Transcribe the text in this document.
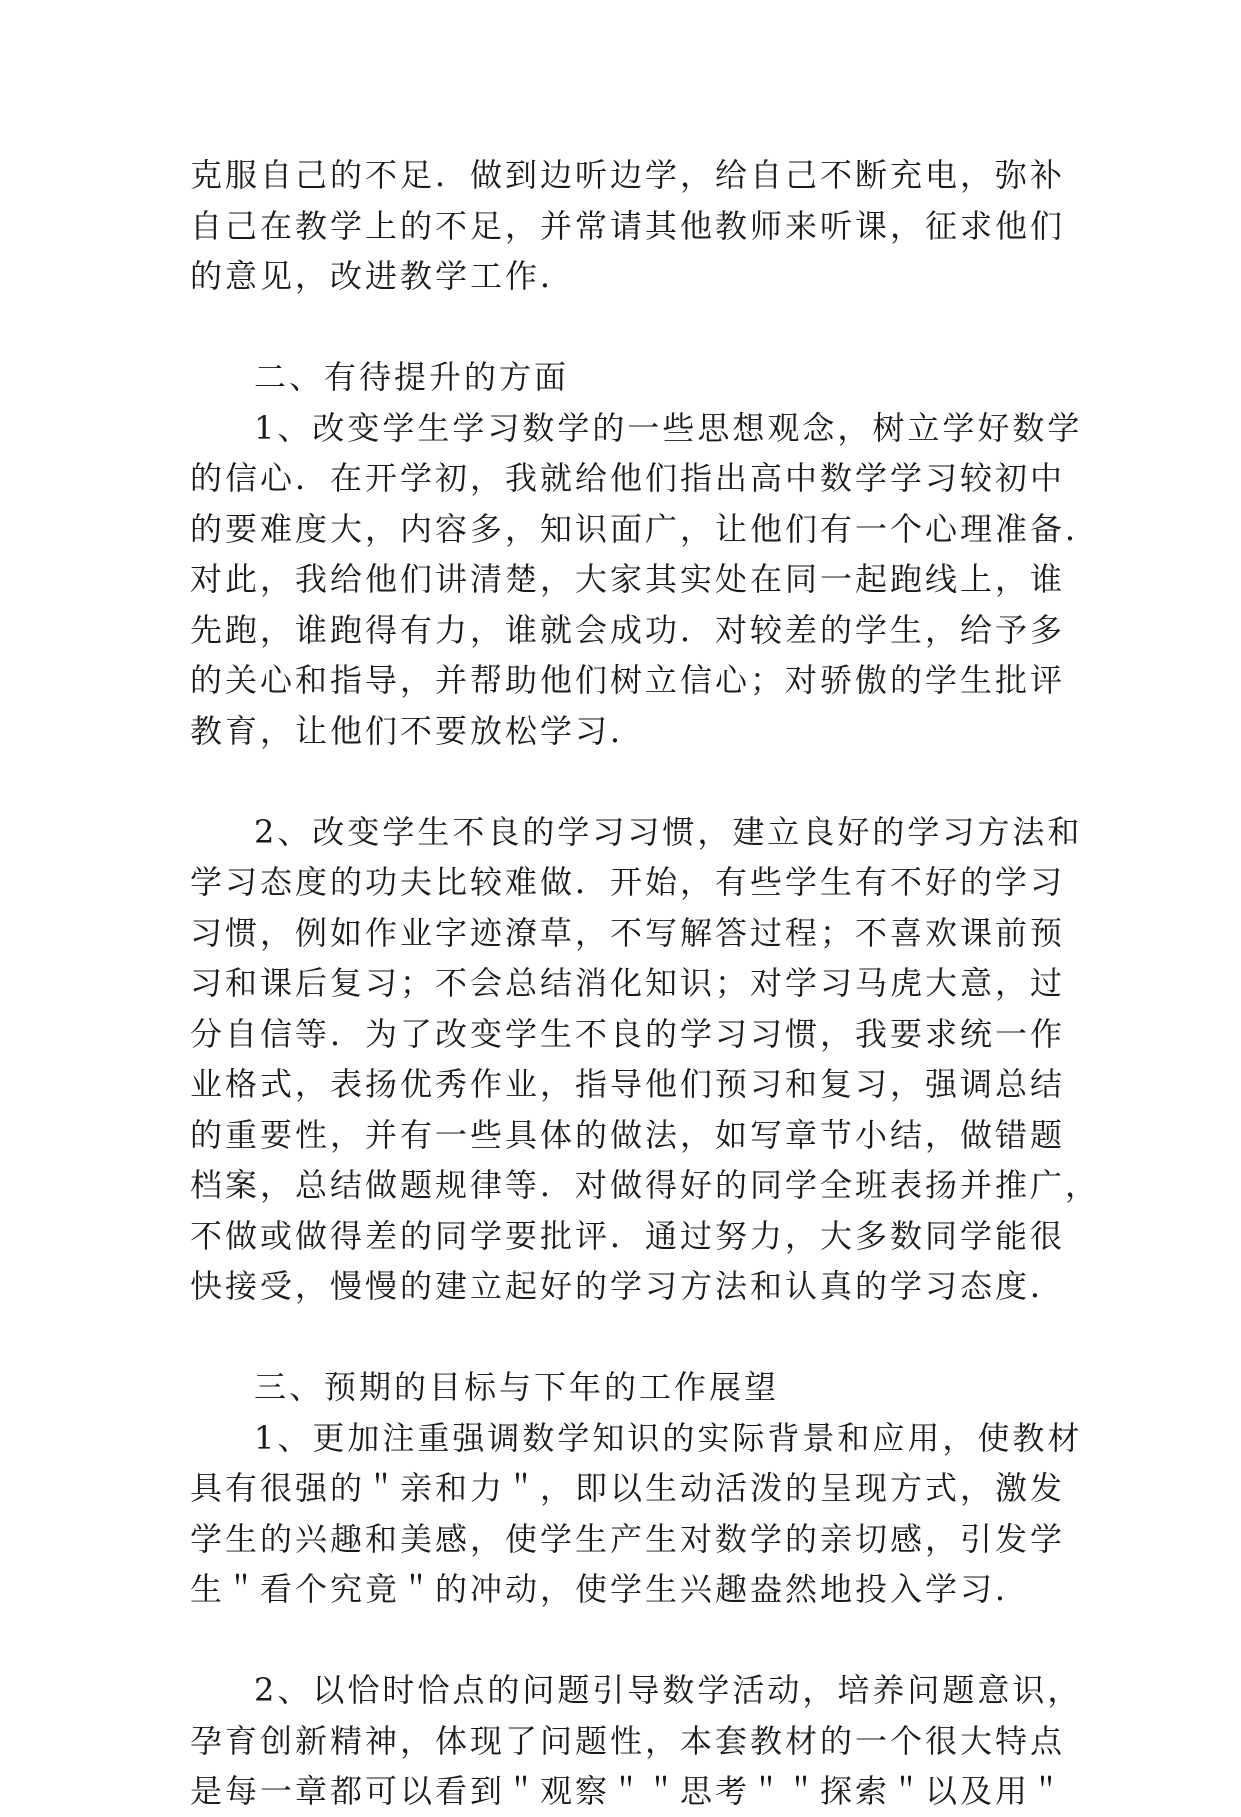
克服自己的不足．做到边听边学，给自己不断充电，弥补
自己在教学上的不足，并常请其他教师来听课，征求他们
的意见，改进教学工作．
二、有待提升的方面
1、改变学生学习数学的一些思想观念，树立学好数学
的信心．在开学初，我就给他们指出高中数学学习较初中
的要难度大，内容多，知识面广，让他们有一个心理准备．
对此，我给他们讲清楚，大家其实处在同一起跑线上，谁
先跑，谁跑得有力，谁就会成功．对较差的学生，给予多
的关心和指导，并帮助他们树立信心；对骄傲的学生批评
教育，让他们不要放松学习．
2、改变学生不良的学习习惯，建立良好的学习方法和
学习态度的功夫比较难做．开始，有些学生有不好的学习
习惯，例如作业字迹潦草，不写解答过程；不喜欢课前预
习和课后复习；不会总结消化知识；对学习马虎大意，过
分自信等．为了改变学生不良的学习习惯，我要求统一作
业格式，表扬优秀作业，指导他们预习和复习，强调总结
的重要性，并有一些具体的做法，如写章节小结，做错题
档案，总结做题规律等．对做得好的同学全班表扬并推广，
不做或做得差的同学要批评．通过努力，大多数同学能很
快接受，慢慢的建立起好的学习方法和认真的学习态度．
三、预期的目标与下年的工作展望
1、更加注重强调数学知识的实际背景和应用，使教材
具有很强的＂亲和力＂，即以生动活泼的呈现方式，激发
学生的兴趣和美感，使学生产生对数学的亲切感，引发学
生＂看个究竟＂的冲动，使学生兴趣盎然地投入学习．
2、以恰时恰点的问题引导数学活动，培养问题意识，
孕育创新精神，体现了问题性，本套教材的一个很大特点
是每一章都可以看到＂观察＂＂思考＂＂探索＂以及用＂
